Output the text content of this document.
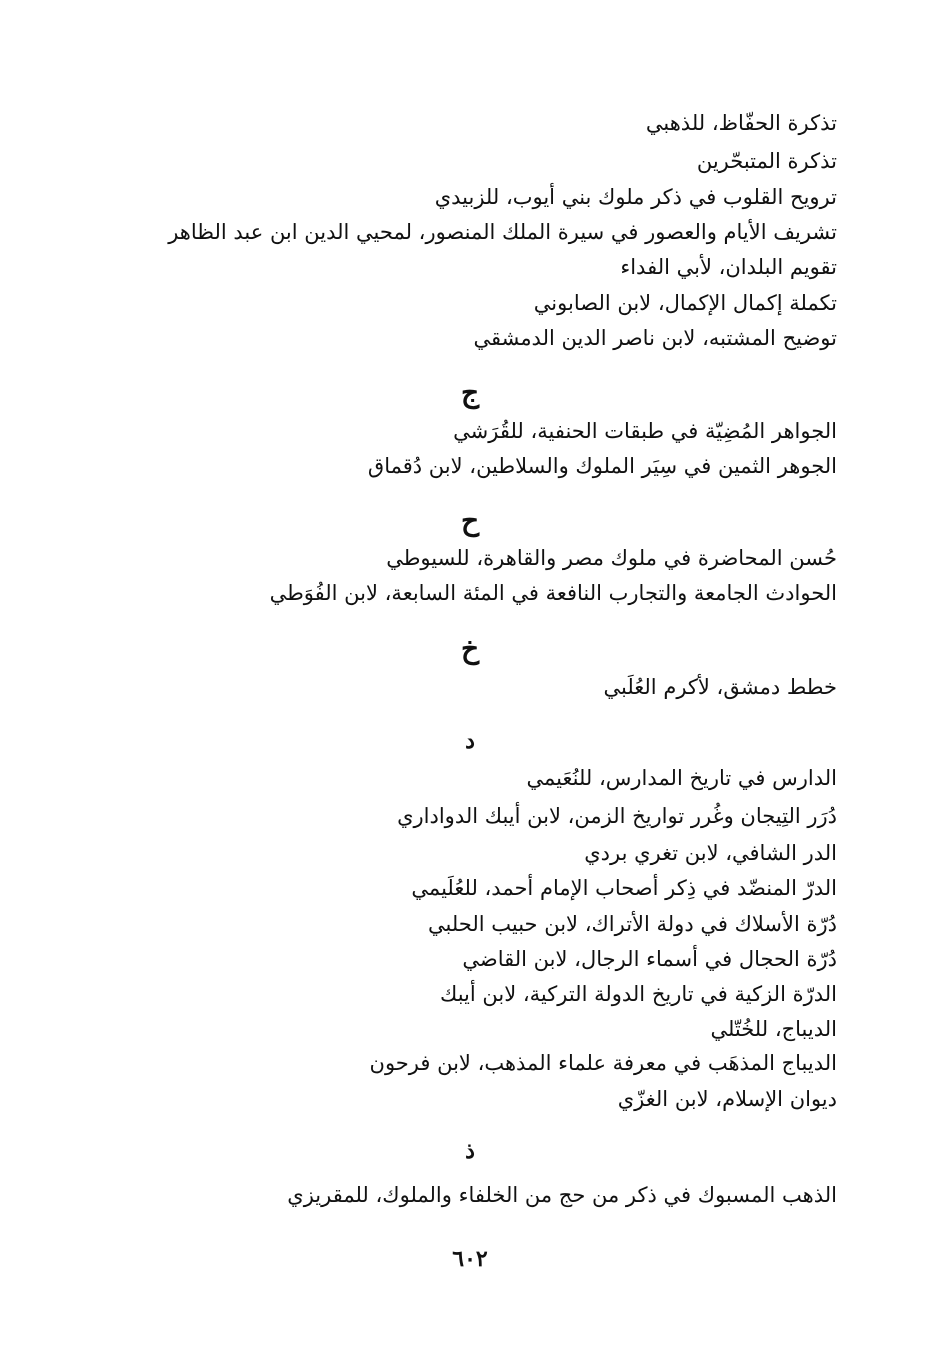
تذكرة الحفّاظ، للذهبي
تذكرة المتبحّرين
ترويح القلوب في ذكر ملوك بني أيوب، للزبيدي
تشريف الأيام والعصور في سيرة الملك المنصور، لمحيي الدين ابن عبد الظاهر
تقويم البلدان، لأبي الفداء
تكملة إكمال الإكمال، لابن الصابوني
توضيح المشتبه، لابن ناصر الدين الدمشقي
ج
الجواهر المُضِيّة في طبقات الحنفية، للقُرَشي
الجوهر الثمين في سِيَر الملوك والسلاطين، لابن دُقماق
ح
حُسن المحاضرة في ملوك مصر والقاهرة، للسيوطي
الحوادث الجامعة والتجارب النافعة في المئة السابعة، لابن الفُوَطي
خ
خطط دمشق، لأكرم العُلَبي
د
الدارس في تاريخ المدارس، للنُعَيمي
دُرَر التِيجان وغُرر تواريخ الزمن، لابن أيبك الدواداري
الدر الشافي، لابن تغري بردي
الدرّ المنضّد في ذِكر أصحاب الإمام أحمد، للعُلَيمي
دُرّة الأسلاك في دولة الأتراك، لابن حبيب الحلبي
دُرّة الحجال في أسماء الرجال، لابن القاضي
الدرّة الزكية في تاريخ الدولة التركية، لابن أيبك
الديباج، للخُتّلي
الديباج المذهَب في معرفة علماء المذهب، لابن فرحون
ديوان الإسلام، لابن الغزّي
ذ
الذهب المسبوك في ذكر من حج من الخلفاء والملوك، للمقريزي
٦٠٢
